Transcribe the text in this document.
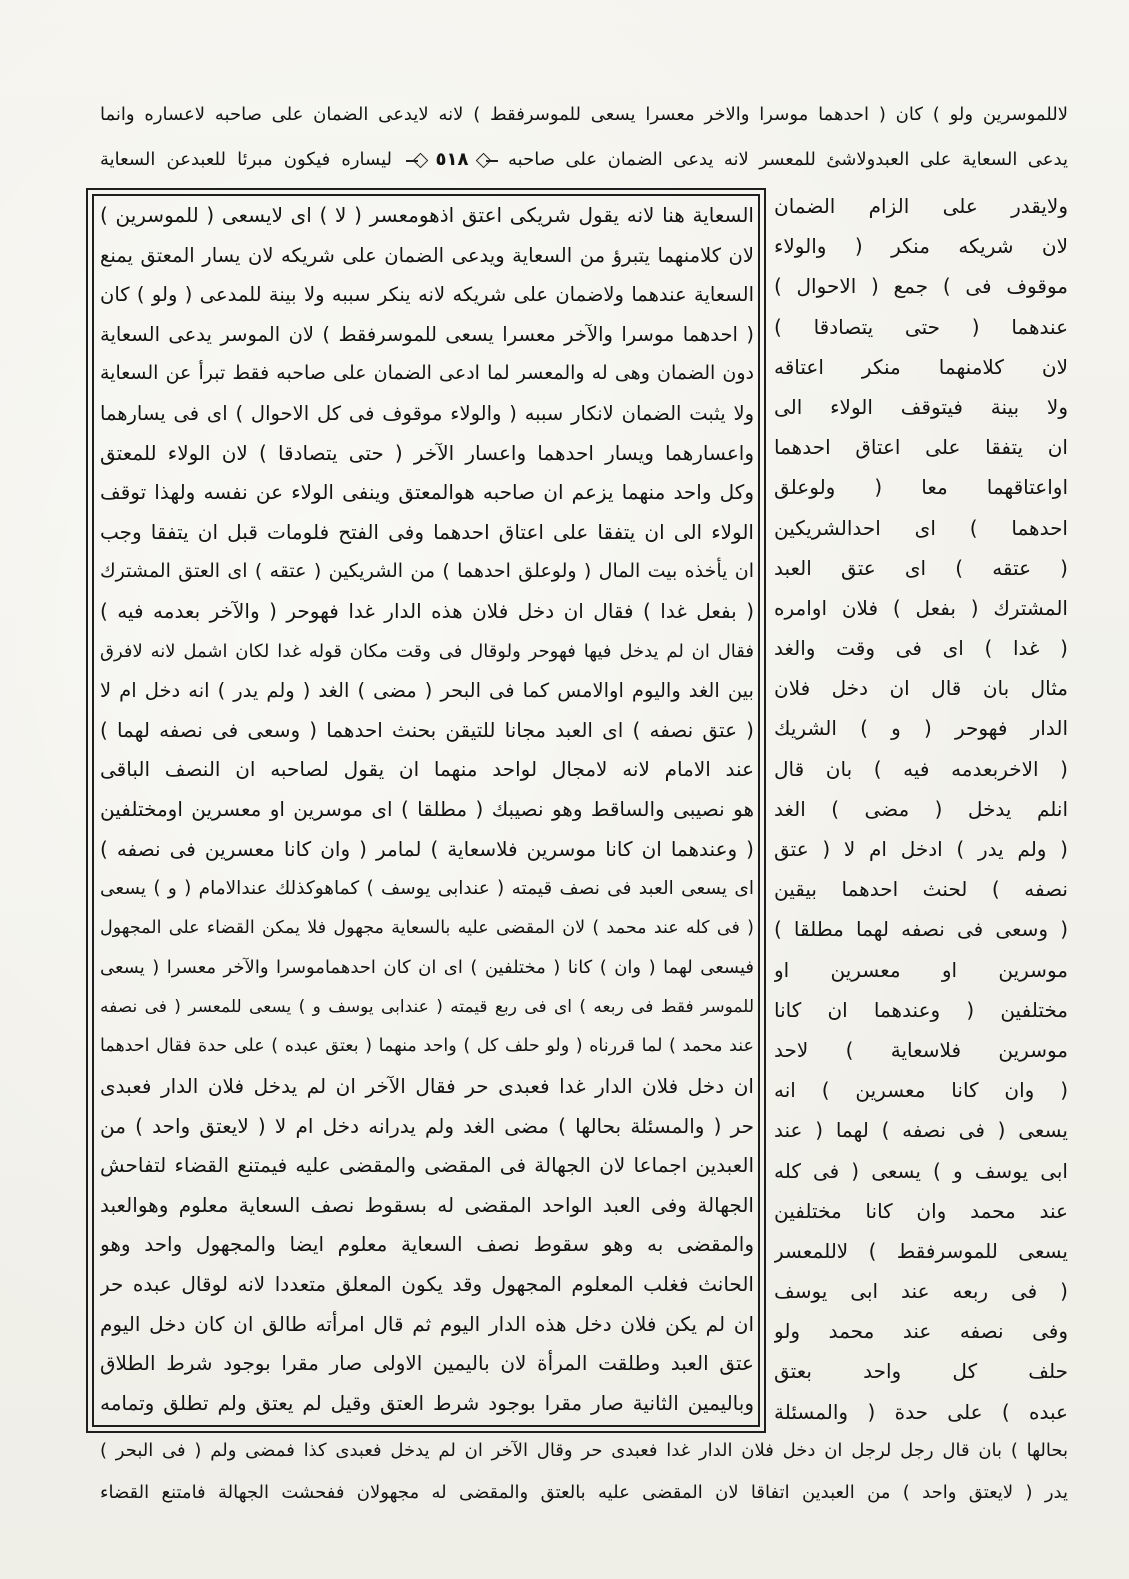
لاللموسرين ولو ) كان ( احدهما موسرا والاخر معسرا يسعى للموسرفقط ) لانه لايدعى الضمان على صاحبه لاعساره وانما
يدعى السعاية على العبدولاشئ للمعسر لانه يدعى الضمان على صاحبه
٥١٨
ليساره فيكون مبرئا للعبدعن السعاية
السعاية هنا لانه يقول شريكى اعتق اذهومعسر ( لا ) اى لايسعى ( للموسرين )
لان كلامنهما يتبرؤ من السعاية ويدعى الضمان على شريكه لان يسار المعتق يمنع
السعاية عندهما ولاضمان على شريكه لانه ينكر سببه ولا بينة للمدعى ( ولو ) كان
( احدهما موسرا والآخر معسرا يسعى للموسرفقط ) لان الموسر يدعى السعاية
دون الضمان وهى له والمعسر لما ادعى الضمان على صاحبه فقط تبرأ عن السعاية
ولا يثبت الضمان لانكار سببه ( والولاء موقوف فى كل الاحوال ) اى فى يسارهما
واعسارهما ويسار احدهما واعسار الآخر ( حتى يتصادقا ) لان الولاء للمعتق
وكل واحد منهما يزعم ان صاحبه هوالمعتق وينفى الولاء عن نفسه ولهذا توقف
الولاء الى ان يتفقا على اعتاق احدهما وفى الفتح فلومات قبل ان يتفقا وجب
ان يأخذه بيت المال ( ولوعلق احدهما ) من الشريكين ( عتقه ) اى العتق المشترك
( بفعل غدا ) فقال ان دخل فلان هذه الدار غدا فهوحر ( والآخر بعدمه فيه )
فقال ان لم يدخل فيها فهوحر ولوقال فى وقت مكان قوله غدا لكان اشمل لانه لافرق
بين الغد واليوم اوالامس كما فى البحر ( مضى ) الغد ( ولم يدر ) انه دخل ام لا
( عتق نصفه ) اى العبد مجانا للتيقن بحنث احدهما ( وسعى فى نصفه لهما )
عند الامام لانه لامجال لواحد منهما ان يقول لصاحبه ان النصف الباقى
هو نصيبى والساقط وهو نصيبك ( مطلقا ) اى موسرين او معسرين اومختلفين
( وعندهما ان كانا موسرين فلاسعاية ) لمامر ( وان كانا معسرين فى نصفه )
اى يسعى العبد فى نصف قيمته ( عندابى يوسف ) كماهوكذلك عندالامام ( و ) يسعى
( فى كله عند محمد ) لان المقضى عليه بالسعاية مجهول فلا يمكن القضاء على المجهول
فيسعى لهما ( وان ) كانا ( مختلفين ) اى ان كان احدهماموسرا والآخر معسرا ( يسعى
للموسر فقط فى ربعه ) اى فى ربع قيمته ( عندابى يوسف و ) يسعى للمعسر ( فى نصفه
عند محمد ) لما قررناه ( ولو حلف كل ) واحد منهما ( بعتق عبده ) على حدة فقال احدهما
ان دخل فلان الدار غدا فعبدى حر فقال الآخر ان لم يدخل فلان الدار فعبدى
حر ( والمسئلة بحالها ) مضى الغد ولم يدرانه دخل ام لا ( لايعتق واحد ) من
العبدين اجماعا لان الجهالة فى المقضى والمقضى عليه فيمتنع القضاء لتفاحش
الجهالة وفى العبد الواحد المقضى له بسقوط نصف السعاية معلوم وهوالعبد
والمقضى به وهو سقوط نصف السعاية معلوم ايضا والمجهول واحد وهو
الحانث فغلب المعلوم المجهول وقد يكون المعلق متعددا لانه لوقال عبده حر
ان لم يكن فلان دخل هذه الدار اليوم ثم قال امرأته طالق ان كان دخل اليوم
عتق العبد وطلقت المرأة لان باليمين الاولى صار مقرا بوجود شرط الطلاق
وباليمين الثانية صار مقرا بوجود شرط العتق وقيل لم يعتق ولم تطلق وتمامه
ولايقدر على الزام الضمان
لان شريكه منكر ( والولاء
موقوف فى ) جمع ( الاحوال )
عندهما ( حتى يتصادقا )
لان كلامنهما منكر اعتاقه
ولا بينة فيتوقف الولاء الى
ان يتفقا على اعتاق احدهما
اواعتاقهما معا ( ولوعلق
احدهما ) اى احدالشريكين
( عتقه ) اى عتق العبد
المشترك ( بفعل ) فلان اوامره
( غدا ) اى فى وقت والغد
مثال بان قال ان دخل فلان
الدار فهوحر ( و ) الشريك
( الاخربعدمه فيه ) بان قال
انلم يدخل ( مضى ) الغد
( ولم يدر ) ادخل ام لا ( عتق
نصفه ) لحنث احدهما بيقين
( وسعى فى نصفه لهما مطلقا )
موسرين او معسرين او
مختلفين ( وعندهما ان كانا
موسرين فلاسعاية ) لاحد
( وان كانا معسرين ) انه
يسعى ( فى نصفه ) لهما ( عند
ابى يوسف و ) يسعى ( فى كله
عند محمد وان كانا مختلفين
يسعى للموسرفقط ) لاللمعسر
( فى ربعه عند ابى يوسف
وفى نصفه عند محمد ولو
حلف كل واحد بعتق
عبده ) على حدة ( والمسئلة
بحالها ) بان قال رجل لرجل ان دخل فلان الدار غدا فعبدى حر وقال الآخر ان لم يدخل فعبدى كذا فمضى ولم ( فى البحر )
يدر ( لايعتق واحد ) من العبدين اتفاقا لان المقضى عليه بالعتق والمقضى له مجهولان ففحشت الجهالة فامتنع القضاء
